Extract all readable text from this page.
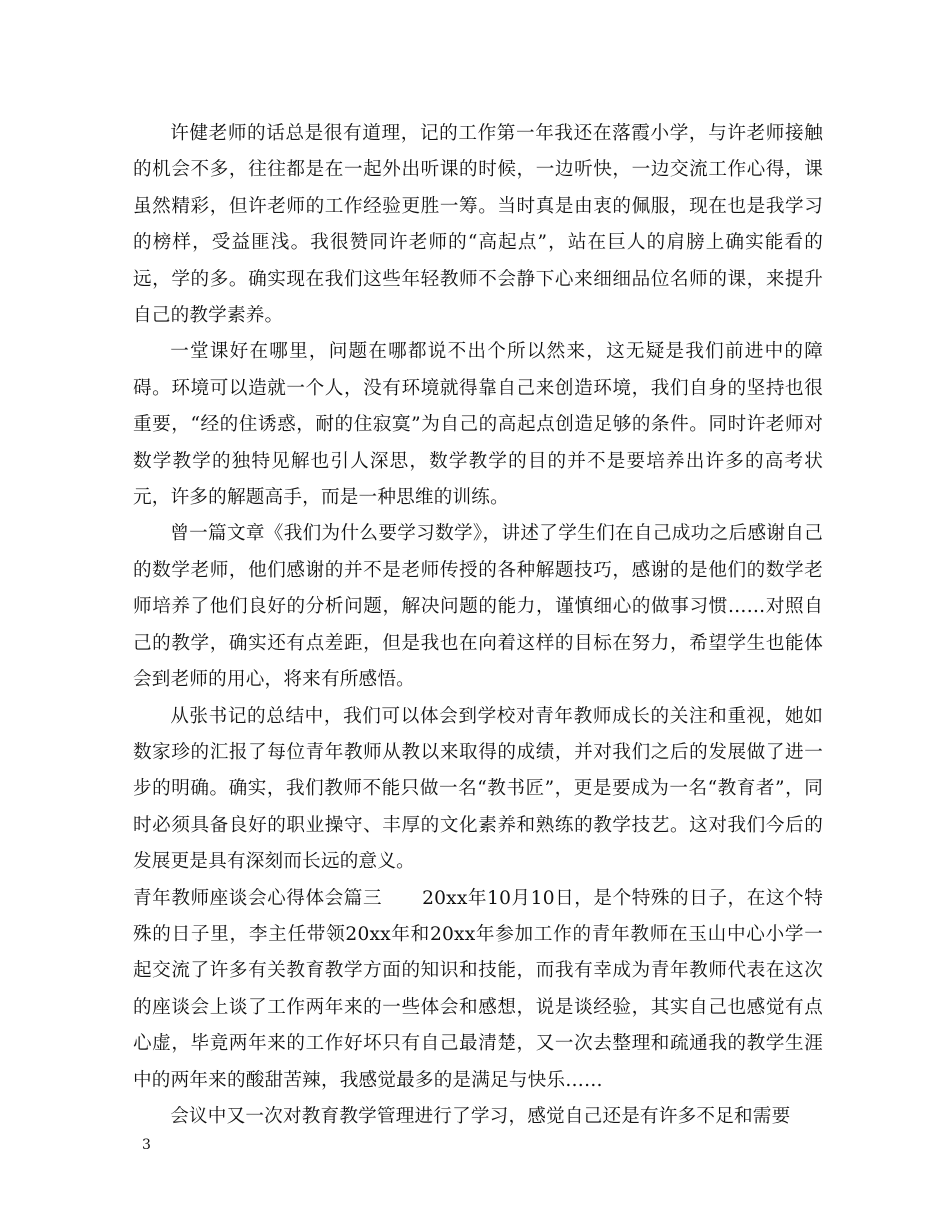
许健老师的话总是很有道理，记的工作第一年我还在落霞小学，与许老师接触的机会不多，往往都是在一起外出听课的时候，一边听快，一边交流工作心得，课虽然精彩，但许老师的工作经验更胜一筹。当时真是由衷的佩服，现在也是我学习的榜样，受益匪浅。我很赞同许老师的“高起点”，站在巨人的肩膀上确实能看的远，学的多。确实现在我们这些年轻教师不会静下心来细细品位名师的课，来提升自己的教学素养。

一堂课好在哪里，问题在哪都说不出个所以然来，这无疑是我们前进中的障碍。环境可以造就一个人，没有环境就得靠自己来创造环境，我们自身的坚持也很重要，“经的住诱惑，耐的住寂寞”为自己的高起点创造足够的条件。同时许老师对数学教学的独特见解也引人深思，数学教学的目的并不是要培养出许多的高考状元，许多的解题高手，而是一种思维的训练。

曾一篇文章《我们为什么要学习数学》，讲述了学生们在自己成功之后感谢自己的数学老师，他们感谢的并不是老师传授的各种解题技巧，感谢的是他们的数学老师培养了他们良好的分析问题，解决问题的能力，谨慎细心的做事习惯……对照自己的教学，确实还有点差距，但是我也在向着这样的目标在努力，希望学生也能体会到老师的用心，将来有所感悟。

从张书记的总结中，我们可以体会到学校对青年教师成长的关注和重视，她如数家珍的汇报了每位青年教师从教以来取得的成绩，并对我们之后的发展做了进一步的明确。确实，我们教师不能只做一名“教书匠”，更是要成为一名“教育者”，同时必须具备良好的职业操守、丰厚的文化素养和熟练的教学技艺。这对我们今后的发展更是具有深刻而长远的意义。

青年教师座谈会心得体会篇三 20xx年10月10日，是个特殊的日子，在这个特殊的日子里，李主任带领20xx年和20xx年参加工作的青年教师在玉山中心小学一起交流了许多有关教育教学方面的知识和技能，而我有幸成为青年教师代表在这次的座谈会上谈了工作两年来的一些体会和感想，说是谈经验，其实自己也感觉有点心虚，毕竟两年来的工作好坏只有自己最清楚，又一次去整理和疏通我的教学生涯中的两年来的酸甜苦辣，我感觉最多的是满足与快乐……

会议中又一次对教育教学管理进行了学习，感觉自己还是有许多不足和需要

3
